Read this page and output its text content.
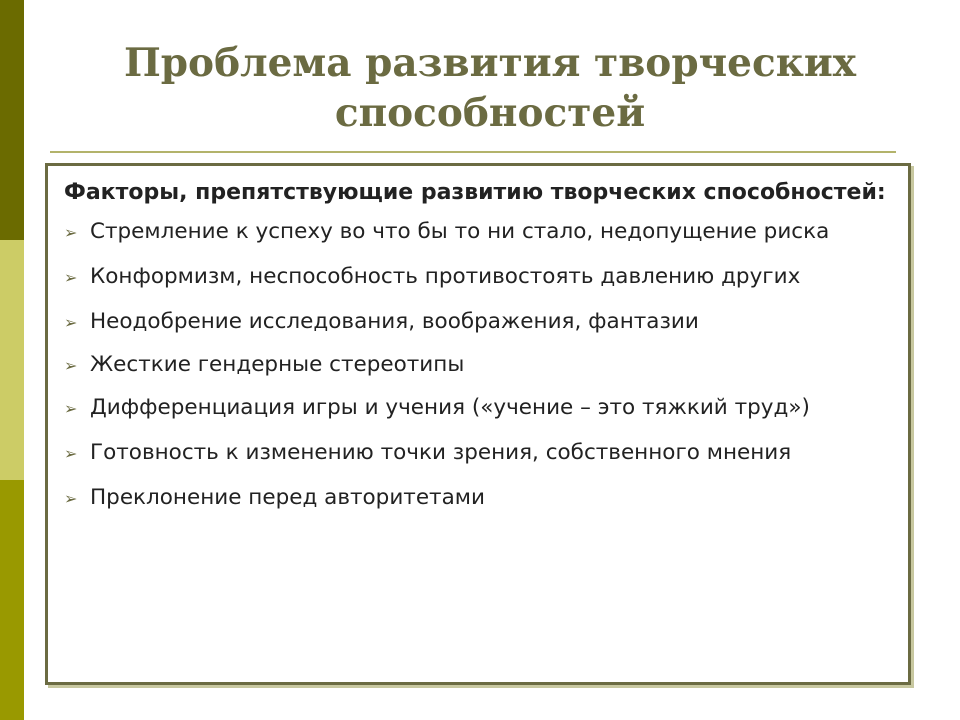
Проблема развития творческих
способностей

Факторы, препятствующие развитию творческих способностей:

➢ Стремление к успеху во что бы то ни стало, недопущение риска
➢ Конформизм, неспособность противостоять давлению других
➢ Неодобрение исследования, воображения, фантазии
➢ Жесткие гендерные стереотипы
➢ Дифференциация игры и учения («учение – это тяжкий труд»)
➢ Готовность к изменению точки зрения, собственного мнения
➢ Преклонение перед авторитетами
